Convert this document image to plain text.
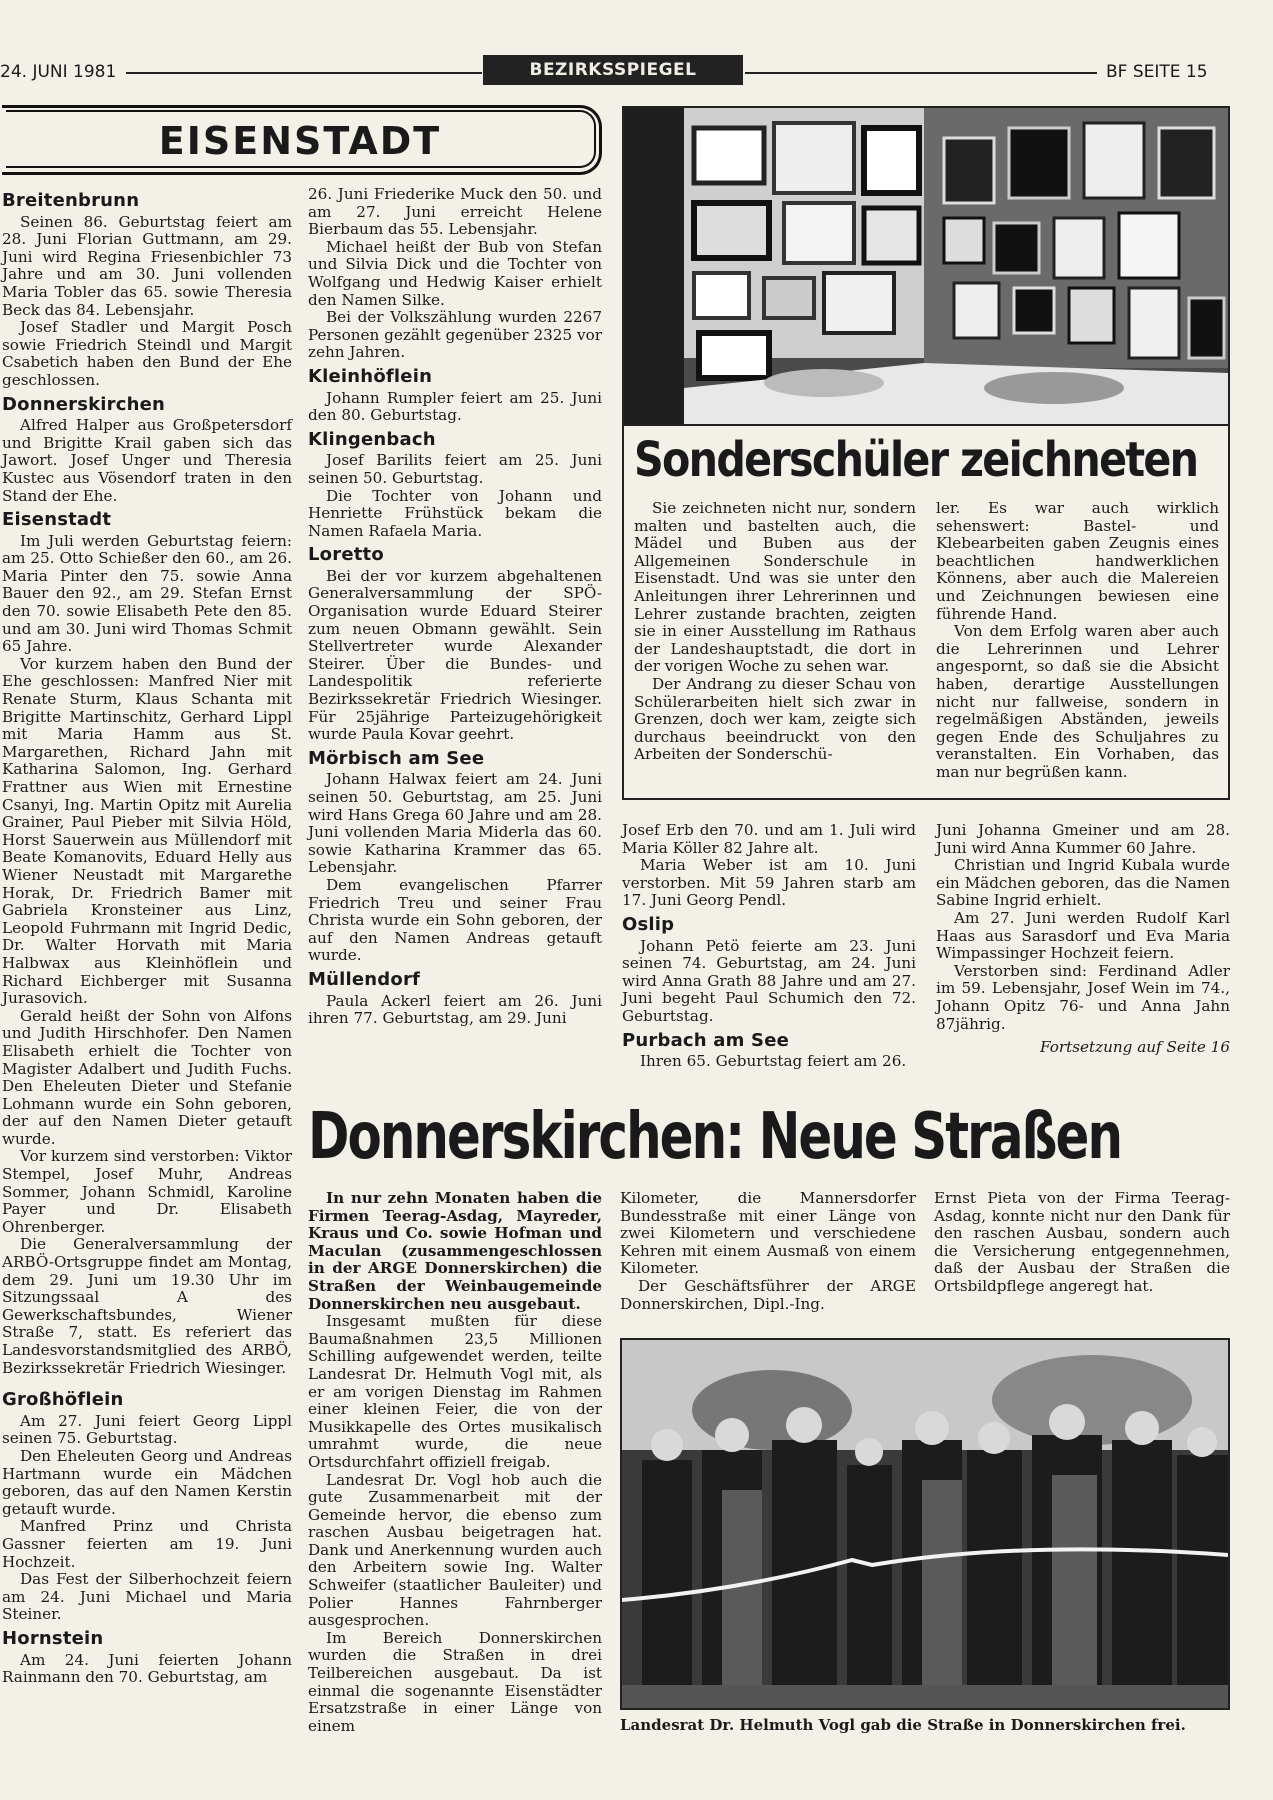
24. JUNI 1981	BEZIRKSSPIEGEL	BF SEITE 15
EISENSTADT
Breitenbrunn

Seinen 86. Geburtstag feiert am 28. Juni Florian Guttmann, am 29. Juni wird Regina Friesenbichler 73 Jahre und am 30. Juni vollenden Maria Tobler das 65. sowie Theresia Beck das 84. Lebensjahr.

Josef Stadler und Margit Posch sowie Friedrich Steindl und Margit Csabetich haben den Bund der Ehe geschlossen.

Donnerskirchen

Alfred Halper aus Großpetersdorf und Brigitte Krail gaben sich das Jawort. Josef Unger und Theresia Kustec aus Vösendorf traten in den Stand der Ehe.

Eisenstadt

Im Juli werden Geburtstag feiern: am 25. Otto Schießer den 60., am 26. Maria Pinter den 75. sowie Anna Bauer den 92., am 29. Stefan Ernst den 70. sowie Elisabeth Pete den 85. und am 30. Juni wird Thomas Schmit 65 Jahre.

Vor kurzem haben den Bund der Ehe geschlossen: Manfred Nier mit Renate Sturm, Klaus Schanta mit Brigitte Martinschitz, Gerhard Lippl mit Maria Hamm aus St. Margarethen, Richard Jahn mit Katharina Salomon, Ing. Gerhard Frattner aus Wien mit Ernestine Csanyi, Ing. Martin Opitz mit Aurelia Grainer, Paul Pieber mit Silvia Höld, Horst Sauerwein aus Müllendorf mit Beate Komanovits, Eduard Helly aus Wiener Neustadt mit Margarethe Horak, Dr. Friedrich Bamer mit Gabriela Kronsteiner aus Linz, Leopold Fuhrmann mit Ingrid Dedic, Dr. Walter Horvath mit Maria Halbwax aus Kleinhöflein und Richard Eichberger mit Susanna Jurasovich.

Gerald heißt der Sohn von Alfons und Judith Hirschhofer. Den Namen Elisabeth erhielt die Tochter von Magister Adalbert und Judith Fuchs. Den Eheleuten Dieter und Stefanie Lohmann wurde ein Sohn geboren, der auf den Namen Dieter getauft wurde.

Vor kurzem sind verstorben: Viktor Stempel, Josef Muhr, Andreas Sommer, Johann Schmidl, Karoline Payer und Dr. Elisabeth Ohrenberger.

Die Generalversammlung der ARBÖ-Ortsgruppe findet am Montag, dem 29. Juni um 19.30 Uhr im Sitzungssaal A des Gewerkschaftsbundes, Wiener Straße 7, statt. Es referiert das Landesvorstandsmitglied des ARBÖ, Bezirkssekretär Friedrich Wiesinger.

Großhöflein

Am 27. Juni feiert Georg Lippl seinen 75. Geburtstag.

Den Eheleuten Georg und Andreas Hartmann wurde ein Mädchen geboren, das auf den Namen Kerstin getauft wurde.

Manfred Prinz und Christa Gassner feierten am 19. Juni Hochzeit.

Das Fest der Silberhochzeit feiern am 24. Juni Michael und Maria Steiner.

Hornstein

Am 24. Juni feierten Johann Rainmann den 70. Geburtstag, am

26. Juni Friederike Muck den 50. und am 27. Juni erreicht Helene Bierbaum das 55. Lebensjahr.

Michael heißt der Bub von Stefan und Silvia Dick und die Tochter von Wolfgang und Hedwig Kaiser erhielt den Namen Silke.

Bei der Volkszählung wurden 2267 Personen gezählt gegenüber 2325 vor zehn Jahren.

Kleinhöflein

Johann Rumpler feiert am 25. Juni den 80. Geburtstag.

Klingenbach

Josef Barilits feiert am 25. Juni seinen 50. Geburtstag.

Die Tochter von Johann und Henriette Frühstück bekam die Namen Rafaela Maria.

Loretto

Bei der vor kurzem abgehaltenen Generalversammlung der SPÖ-Organisation wurde Eduard Steirer zum neuen Obmann gewählt. Sein Stellvertreter wurde Alexander Steirer. Über die Bundes- und Landespolitik referierte Bezirkssekretär Friedrich Wiesinger. Für 25jährige Parteizugehörigkeit wurde Paula Kovar geehrt.

Mörbisch am See

Johann Halwax feiert am 24. Juni seinen 50. Geburtstag, am 25. Juni wird Hans Grega 60 Jahre und am 28. Juni vollenden Maria Miderla das 60. sowie Katharina Krammer das 65. Lebensjahr.

Dem evangelischen Pfarrer Friedrich Treu und seiner Frau Christa wurde ein Sohn geboren, der auf den Namen Andreas getauft wurde.

Müllendorf

Paula Ackerl feiert am 26. Juni ihren 77. Geburtstag, am 29. Juni

Sonderschüler zeichneten

Sie zeichneten nicht nur, sondern malten und bastelten auch, die Mädel und Buben aus der Allgemeinen Sonderschule in Eisenstadt. Und was sie unter den Anleitungen ihrer Lehrerinnen und Lehrer zustande brachten, zeigten sie in einer Ausstellung im Rathaus der Landeshauptstadt, die dort in der vorigen Woche zu sehen war.

Der Andrang zu dieser Schau von Schülerarbeiten hielt sich zwar in Grenzen, doch wer kam, zeigte sich durchaus beeindruckt von den Arbeiten der Sonderschü-

ler. Es war auch wirklich sehenswert: Bastel- und Klebearbeiten gaben Zeugnis eines beachtlichen handwerklichen Könnens, aber auch die Malereien und Zeichnungen bewiesen eine führende Hand.

Von dem Erfolg waren aber auch die Lehrerinnen und Lehrer angespornt, so daß sie die Absicht haben, derartige Ausstellungen nicht nur fallweise, sondern in regelmäßigen Abständen, jeweils gegen Ende des Schuljahres zu veranstalten. Ein Vorhaben, das man nur begrüßen kann.

Josef Erb den 70. und am 1. Juli wird Maria Köller 82 Jahre alt.

Maria Weber ist am 10. Juni verstorben. Mit 59 Jahren starb am 17. Juni Georg Pendl.

Oslip

Johann Petö feierte am 23. Juni seinen 74. Geburtstag, am 24. Juni wird Anna Grath 88 Jahre und am 27. Juni begeht Paul Schumich den 72. Geburtstag.

Purbach am See

Ihren 65. Geburtstag feiert am 26.

Juni Johanna Gmeiner und am 28. Juni wird Anna Kummer 60 Jahre.

Christian und Ingrid Kubala wurde ein Mädchen geboren, das die Namen Sabine Ingrid erhielt.

Am 27. Juni werden Rudolf Karl Haas aus Sarasdorf und Eva Maria Wimpassinger Hochzeit feiern.

Verstorben sind: Ferdinand Adler im 59. Lebensjahr, Josef Wein im 74., Johann Opitz 76- und Anna Jahn 87jährig.

Fortsetzung auf Seite 16
Donnerskirchen: Neue Straßen

In nur zehn Monaten haben die Firmen Teerag-Asdag, Mayreder, Kraus und Co. sowie Hofman und Maculan (zusammengeschlossen in der ARGE Donnerskirchen) die Straßen der Weinbaugemeinde Donnerskirchen neu ausgebaut.

Insgesamt mußten für diese Baumaßnahmen 23,5 Millionen Schilling aufgewendet werden, teilte Landesrat Dr. Helmuth Vogl mit, als er am vorigen Dienstag im Rahmen einer kleinen Feier, die von der Musikkapelle des Ortes musikalisch umrahmt wurde, die neue Ortsdurchfahrt offiziell freigab.

Landesrat Dr. Vogl hob auch die gute Zusammenarbeit mit der Gemeinde hervor, die ebenso zum raschen Ausbau beigetragen hat. Dank und Anerkennung wurden auch den Arbeitern sowie Ing. Walter Schweifer (staatlicher Bauleiter) und Polier Hannes Fahrnberger ausgesprochen.

Im Bereich Donnerskirchen wurden die Straßen in drei Teilbereichen ausgebaut. Da ist einmal die sogenannte Eisenstädter Ersatzstraße in einer Länge von einem

Kilometer, die Mannersdorfer Bundesstraße mit einer Länge von zwei Kilometern und verschiedene Kehren mit einem Ausmaß von einem Kilometer.

Der Geschäftsführer der ARGE Donnerskirchen, Dipl.-Ing.

Ernst Pieta von der Firma Teerag-Asdag, konnte nicht nur den Dank für den raschen Ausbau, sondern auch die Versicherung entgegennehmen, daß der Ausbau der Straßen die Ortsbildpflege angeregt hat.

Landesrat Dr. Helmuth Vogl gab die Straße in Donnerskirchen frei.
